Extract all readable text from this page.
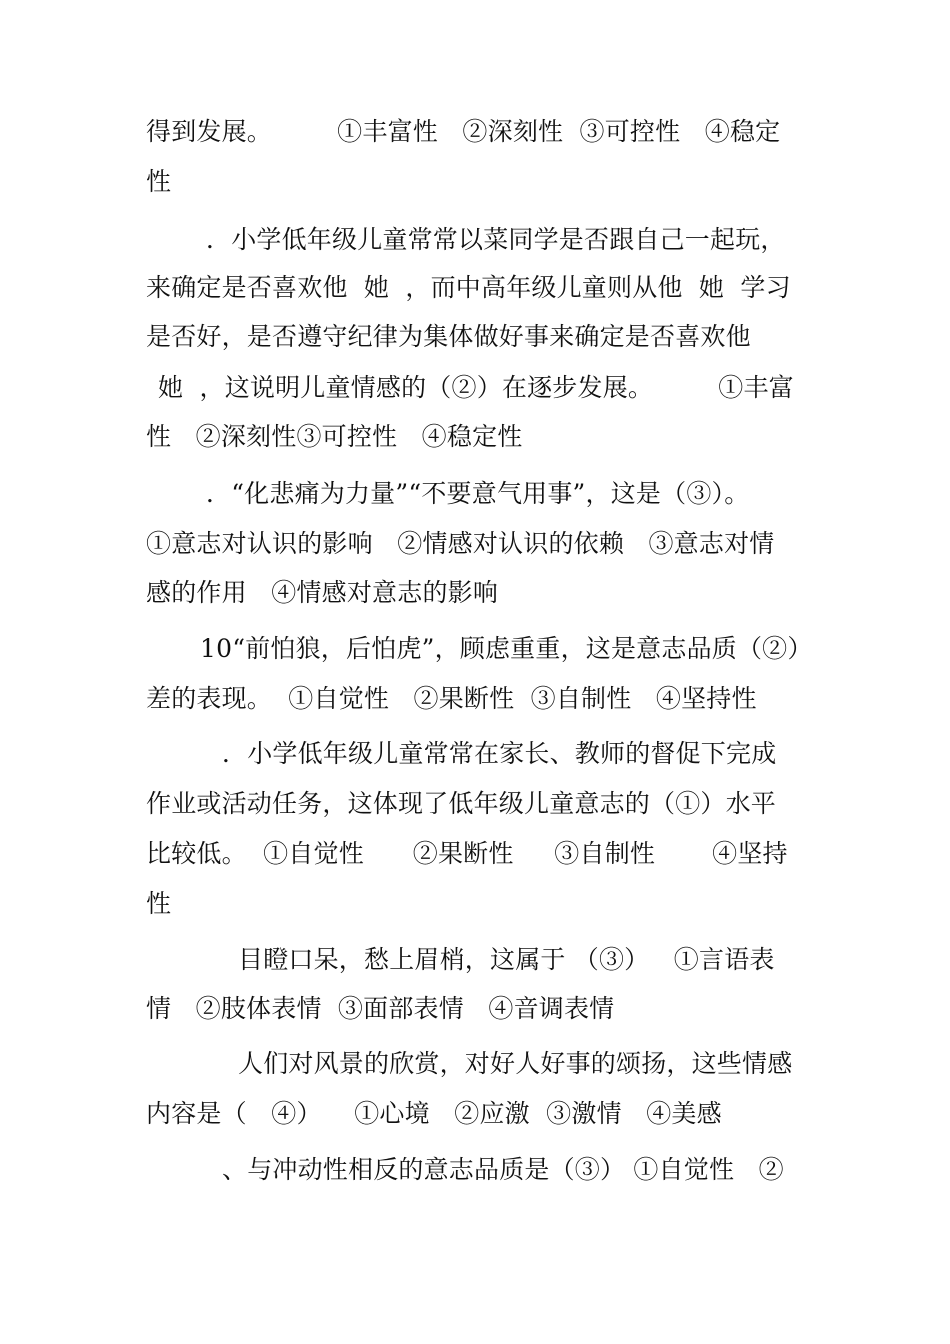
得到发展。        ①丰富性   ②深刻性  ③可控性   ④稳定
性
．小学低年级儿童常常以菜同学是否跟自己一起玩，
来确定是否喜欢他  她  ，而中高年级儿童则从他  她  学习
是否好，是否遵守纪律为集体做好事来确定是否喜欢他
她  ，这说明儿童情感的（②）在逐步发展。        ①丰富
性   ②深刻性③可控性   ④稳定性
．“化悲痛为力量”“不要意气用事”，这是（③）。
①意志对认识的影响   ②情感对认识的依赖   ③意志对情
感的作用   ④情感对意志的影响
10“前怕狼，后怕虎”，顾虑重重，这是意志品质（②）
差的表现。  ①自觉性   ②果断性  ③自制性   ④坚持性
．小学低年级儿童常常在家长、教师的督促下完成
作业或活动任务，这体现了低年级儿童意志的（①）水平
比较低。  ①自觉性      ②果断性     ③自制性       ④坚持
性
目瞪口呆，愁上眉梢，这属于 （③）   ①言语表
情   ②肢体表情  ③面部表情   ④音调表情
人们对风景的欣赏，对好人好事的颂扬，这些情感
内容是（   ④）    ①心境   ②应激  ③激情   ④美感
、与冲动性相反的意志品质是（③） ①自觉性   ②
